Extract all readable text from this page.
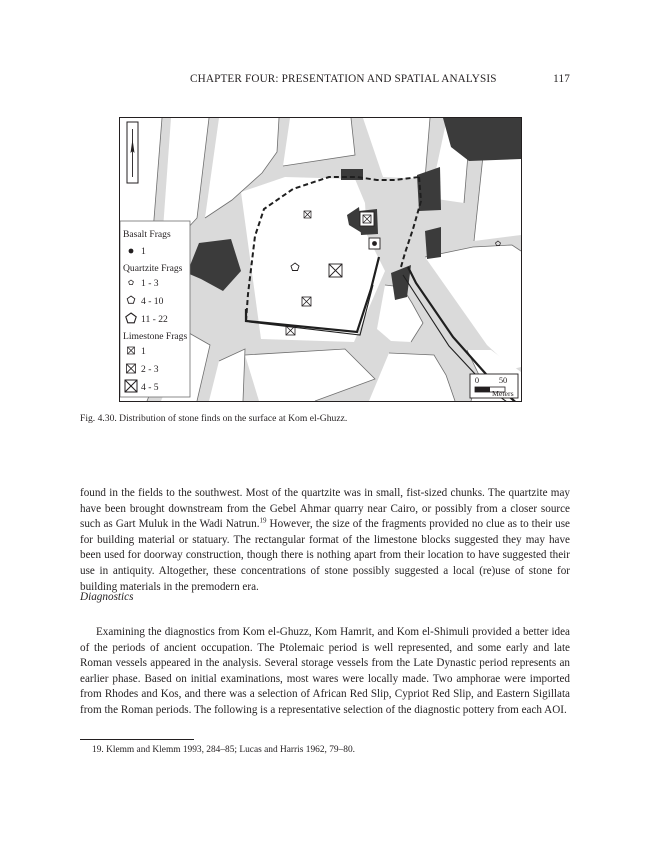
CHAPTER FOUR: PRESENTATION AND SPATIAL ANALYSIS	117
Basalt Frags
1
Quartzite Frags
1 - 3
4 - 10
11 - 22
Limestone Frags
1
2 - 3
4 - 5
0 50
Meters
Fig. 4.30. Distribution of stone finds on the surface at Kom el-Ghuzz.

found in the fields to the southwest. Most of the quartzite was in small, fist-sized chunks. The quartzite may have been brought downstream from the Gebel Ahmar quarry near Cairo, or possibly from a closer source such as Gart Muluk in the Wadi Natrun.$^{19}$ However, the size of the fragments provided no clue as to their use for building material or statuary. The rectangular format of the limestone blocks suggested they may have been used for doorway construction, though there is nothing apart from their location to have suggested their use in antiquity. Altogether, these concentrations of stone possibly suggested a local (re)use of stone for building materials in the premodern era.

Diagnostics

Examining the diagnostics from Kom el-Ghuzz, Kom Hamrit, and Kom el-Shimuli provided a better idea of the periods of ancient occupation. The Ptolemaic period is well represented, and some early and late Roman vessels appeared in the analysis. Several storage vessels from the Late Dynastic period represents an earlier phase. Based on initial examinations, most wares were locally made. Two amphorae were imported from Rhodes and Kos, and there was a selection of African Red Slip, Cypriot Red Slip, and Eastern Sigillata from the Roman periods. The following is a representative selection of the diagnostic pottery from each AOI.

19. Klemm and Klemm 1993, 284–85; Lucas and Harris 1962, 79–80.
